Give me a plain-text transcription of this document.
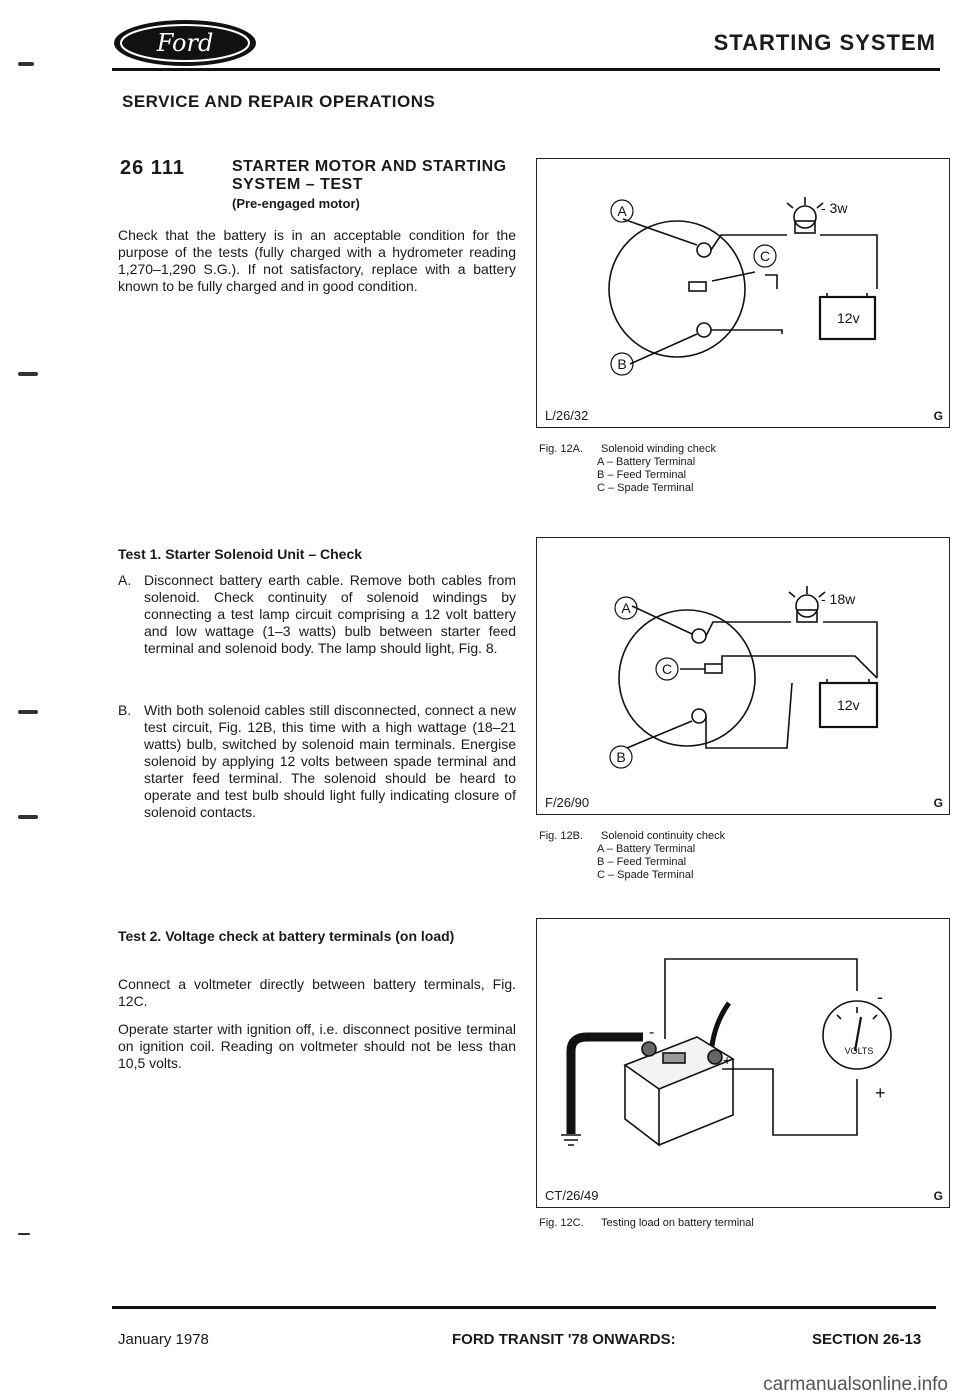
Ford	STARTING SYSTEM
SERVICE AND REPAIR OPERATIONS
26 111	STARTER MOTOR AND STARTING SYSTEM – TEST
(Pre-engaged motor)
Check that the battery is in an acceptable condition for the purpose of the tests (fully charged with a hydrometer reading 1,270–1,290 S.G.). If not satisfactory, replace with a battery known to be fully charged and in good condition.
Test 1. Starter Solenoid Unit – Check
A. Disconnect battery earth cable. Remove both cables from solenoid. Check continuity of solenoid windings by connecting a test lamp circuit comprising a 12 volt battery and low wattage (1–3 watts) bulb between starter feed terminal and solenoid body. The lamp should light, Fig. 8.
B. With both solenoid cables still disconnected, connect a new test circuit, Fig. 12B, this time with a high wattage (18–21 watts) bulb, switched by solenoid main terminals. Energise solenoid by applying 12 volts between spade terminal and starter feed terminal. The solenoid should be heard to operate and test bulb should light fully indicating closure of solenoid contacts.
Test 2. Voltage check at battery terminals (on load)
Connect a voltmeter directly between battery terminals, Fig. 12C.
Operate starter with ignition off, i.e. disconnect positive terminal on ignition coil. Reading on voltmeter should not be less than 10,5 volts.
A
B
C
- 3w
12v
L/26/32	G
Fig. 12A. Solenoid winding check
A – Battery Terminal
B – Feed Terminal
C – Spade Terminal
A
B
C
- 18w
12v
F/26/90	G
Fig. 12B. Solenoid continuity check
A – Battery Terminal
B – Feed Terminal
C – Spade Terminal
VOLTS
-
+
-
+
CT/26/49	G
Fig. 12C. Testing load on battery terminal
January 1978	FORD TRANSIT '78 ONWARDS:	SECTION 26-13
carmanualsonline.info
